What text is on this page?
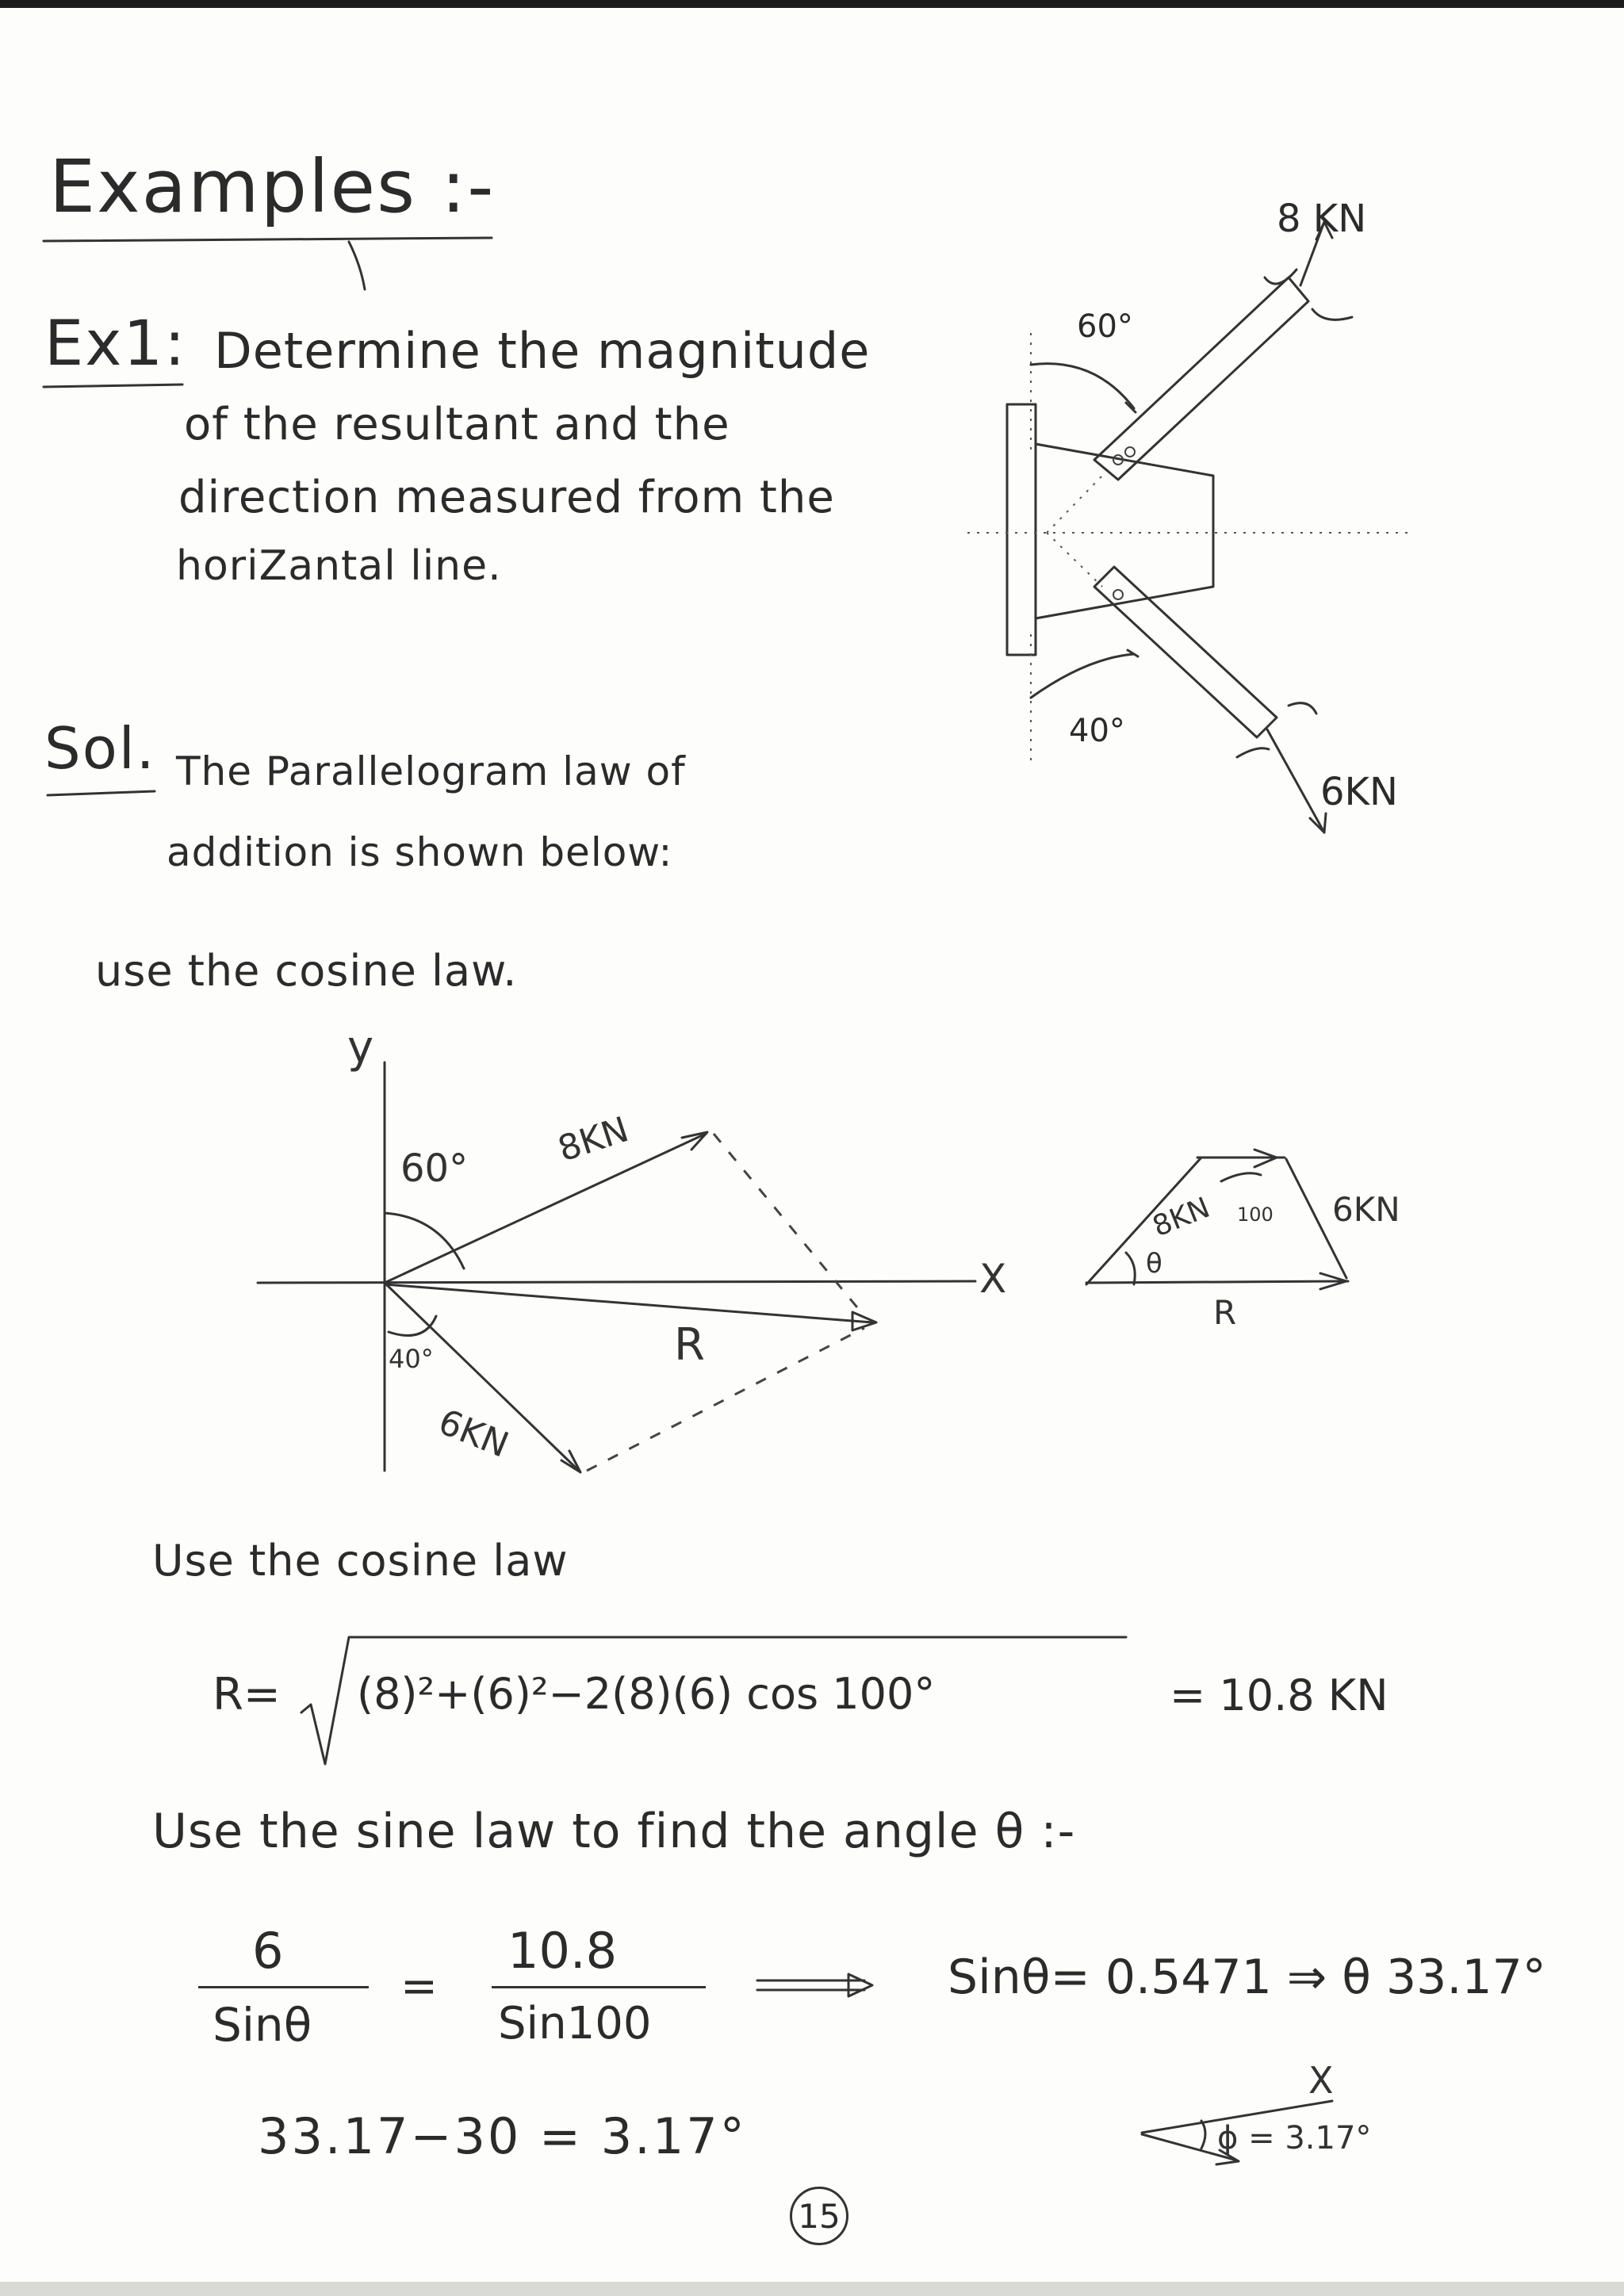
Examples :-
Ex1: Determine the magnitude
of the resultant and the
direction measured from the
horiZantal line.
8 KN
6KN
60°
40°
Sol. The Parallelogram law of
addition is shown below:
use the cosine law.
y
X
60° 8KN
40°
6KN
R
8KN 100 6KN
θ
R
Use the cosine law
R= (8)²+(6)²−2(8)(6) cos 100°	= 10.8 KN
Use the sine law to find the angle θ :-
6
Sinθ
=
10.8
Sin100
Sinθ= 0.5471 ⇒ θ 33.17°
33.17−30 = 3.17°
X
ϕ = 3.17°
15
